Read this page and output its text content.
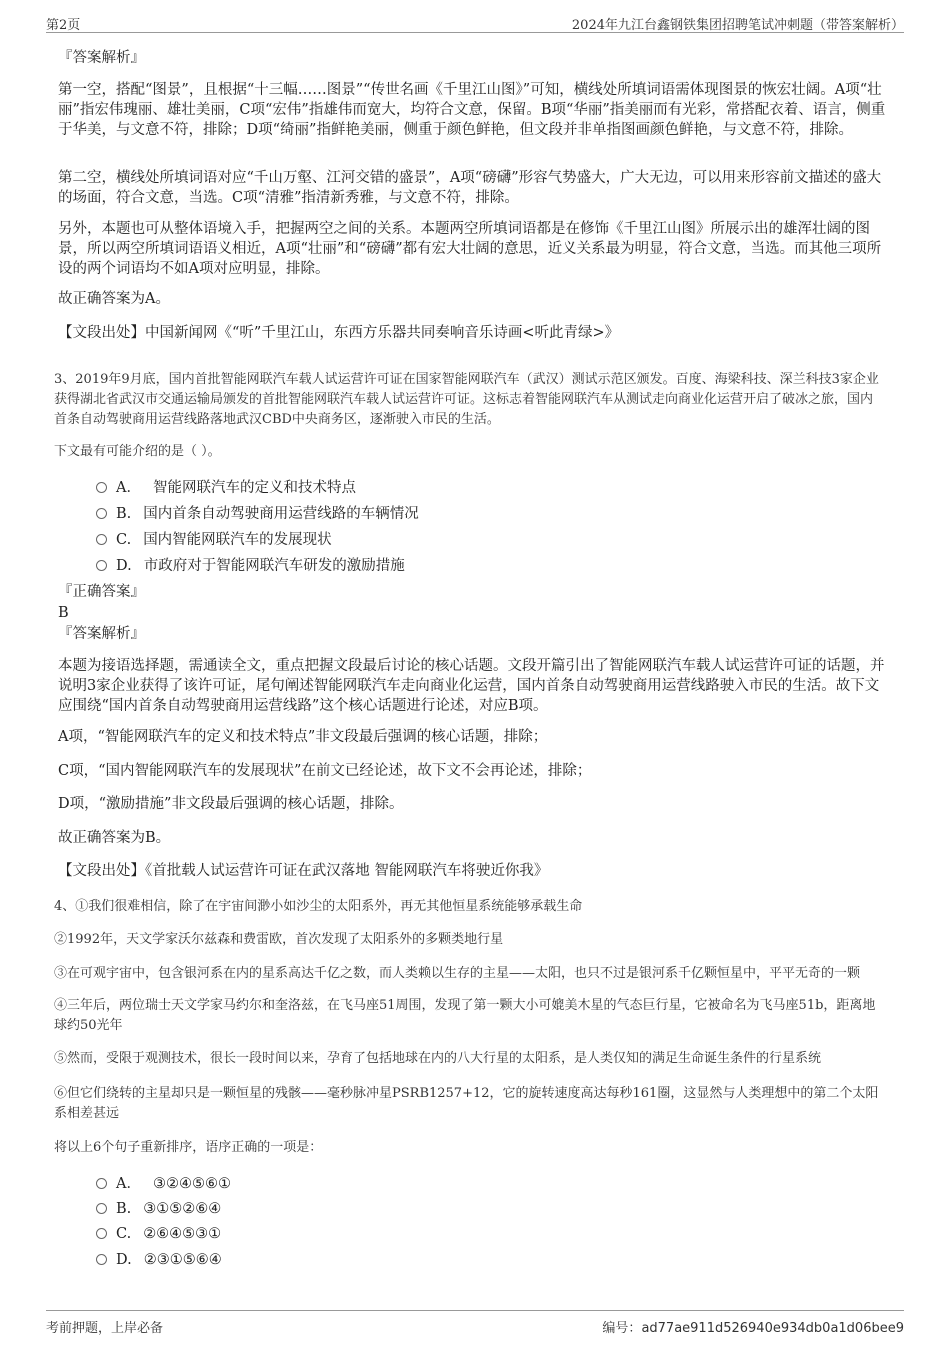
第2页	2024年九江台鑫钢铁集团招聘笔试冲刺题（带答案解析）
『答案解析』
第一空，搭配“图景”，且根据“十三幅……图景”“传世名画《千里江山图》”可知，横线处所填词语需体现图景的恢宏壮阔。A项“壮丽”指宏伟瑰丽、雄壮美丽，C项“宏伟”指雄伟而宽大，均符合文意，保留。B项“华丽”指美丽而有光彩，常搭配衣着、语言，侧重于华美，与文意不符，排除；D项“绮丽”指鲜艳美丽，侧重于颜色鲜艳，但文段并非单指图画颜色鲜艳，与文意不符，排除。
第二空，横线处所填词语对应“千山万壑、江河交错的盛景”，A项“磅礴”形容气势盛大，广大无边，可以用来形容前文描述的盛大的场面，符合文意，当选。C项“清雅”指清新秀雅，与文意不符，排除。
另外，本题也可从整体语境入手，把握两空之间的关系。本题两空所填词语都是在修饰《千里江山图》所展示出的雄浑壮阔的图景，所以两空所填词语语义相近，A项“壮丽”和“磅礴”都有宏大壮阔的意思，近义关系最为明显，符合文意，当选。而其他三项所设的两个词语均不如A项对应明显，排除。
故正确答案为A。
【文段出处】中国新闻网《“听”千里江山，东西方乐器共同奏响音乐诗画<听此青绿>》
3、2019年9月底，国内首批智能网联汽车载人试运营许可证在国家智能网联汽车（武汉）测试示范区颁发。百度、海梁科技、深兰科技3家企业获得湖北省武汉市交通运输局颁发的首批智能网联汽车载人试运营许可证。这标志着智能网联汽车从测试走向商业化运营开启了破冰之旅，国内首条自动驾驶商用运营线路落地武汉CBD中央商务区，逐渐驶入市民的生活。
下文最有可能介绍的是（ ）。
A． 智能网联汽车的定义和技术特点
B. 国内首条自动驾驶商用运营线路的车辆情况
C. 国内智能网联汽车的发展现状
D. 市政府对于智能网联汽车研发的激励措施
『正确答案』
B
『答案解析』
本题为接语选择题，需通读全文，重点把握文段最后讨论的核心话题。文段开篇引出了智能网联汽车载人试运营许可证的话题，并说明3家企业获得了该许可证，尾句阐述智能网联汽车走向商业化运营，国内首条自动驾驶商用运营线路驶入市民的生活。故下文应围绕“国内首条自动驾驶商用运营线路”这个核心话题进行论述，对应B项。
A项，“智能网联汽车的定义和技术特点”非文段最后强调的核心话题，排除；
C项，“国内智能网联汽车的发展现状”在前文已经论述，故下文不会再论述，排除；
D项，“激励措施”非文段最后强调的核心话题，排除。
故正确答案为B。
【文段出处】《首批载人试运营许可证在武汉落地 智能网联汽车将驶近你我》
4、①我们很难相信，除了在宇宙间渺小如沙尘的太阳系外，再无其他恒星系统能够承载生命
②1992年，天文学家沃尔兹森和费雷欧，首次发现了太阳系外的多颗类地行星
③在可观宇宙中，包含银河系在内的星系高达千亿之数，而人类赖以生存的主星——太阳，也只不过是银河系千亿颗恒星中，平平无奇的一颗
④三年后，两位瑞士天文学家马约尔和奎洛兹，在飞马座51周围，发现了第一颗大小可媲美木星的气态巨行星，它被命名为飞马座51b，距离地球约50光年
⑤然而，受限于观测技术，很长一段时间以来，孕育了包括地球在内的八大行星的太阳系，是人类仅知的满足生命诞生条件的行星系统
⑥但它们绕转的主星却只是一颗恒星的残骸——毫秒脉冲星PSRB1257+12，它的旋转速度高达每秒161圈，这显然与人类理想中的第二个太阳系相差甚远
将以上6个句子重新排序，语序正确的一项是：
A． ③②④⑤⑥①
B. ③①⑤②⑥④
C. ②⑥④⑤③①
D. ②③①⑤⑥④
考前押题，上岸必备	编号：ad77ae911d526940e934db0a1d06bee9
